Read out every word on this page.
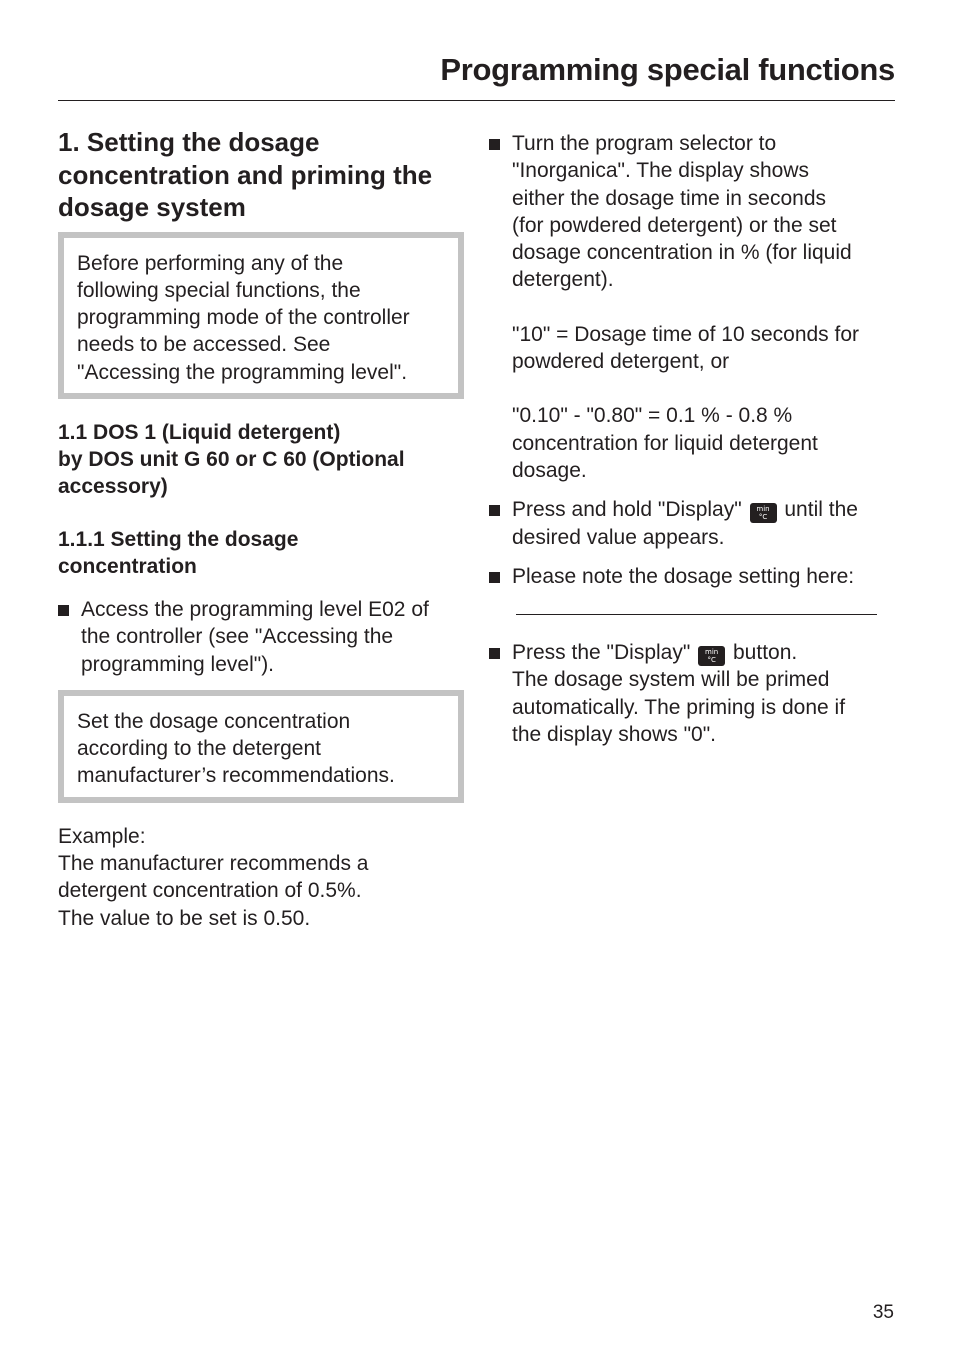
Programming special functions
1. Setting the dosage
concentration and priming the
dosage system
Before performing any of the
following special functions, the
programming mode of the controller
needs to be accessed. See
"Accessing the programming level".
1.1 DOS 1 (Liquid detergent)
by DOS unit G 60 or C 60 (Optional
accessory)
1.1.1 Setting the dosage
concentration
Access the programming level E02 of
the controller (see "Accessing the
programming level").
Set the dosage concentration
according to the detergent
manufacturer’s recommendations.
Example:
The manufacturer recommends a
detergent concentration of 0.5%.
The value to be set is 0.50.
Turn the program selector to
"Inorganica". The display shows
either the dosage time in seconds
(for powdered detergent) or the set
dosage concentration in % (for liquid
detergent).
"10" = Dosage time of 10 seconds for
powdered detergent, or
"0.10" - "0.80" = 0.1 % - 0.8 %
concentration for liquid detergent
dosage.
Press and hold "Display"	min
°C until the
desired value appears.
Please note the dosage setting here:
Press the "Display"	min
°C button.
The dosage system will be primed
automatically. The priming is done if
the display shows "0".
35
